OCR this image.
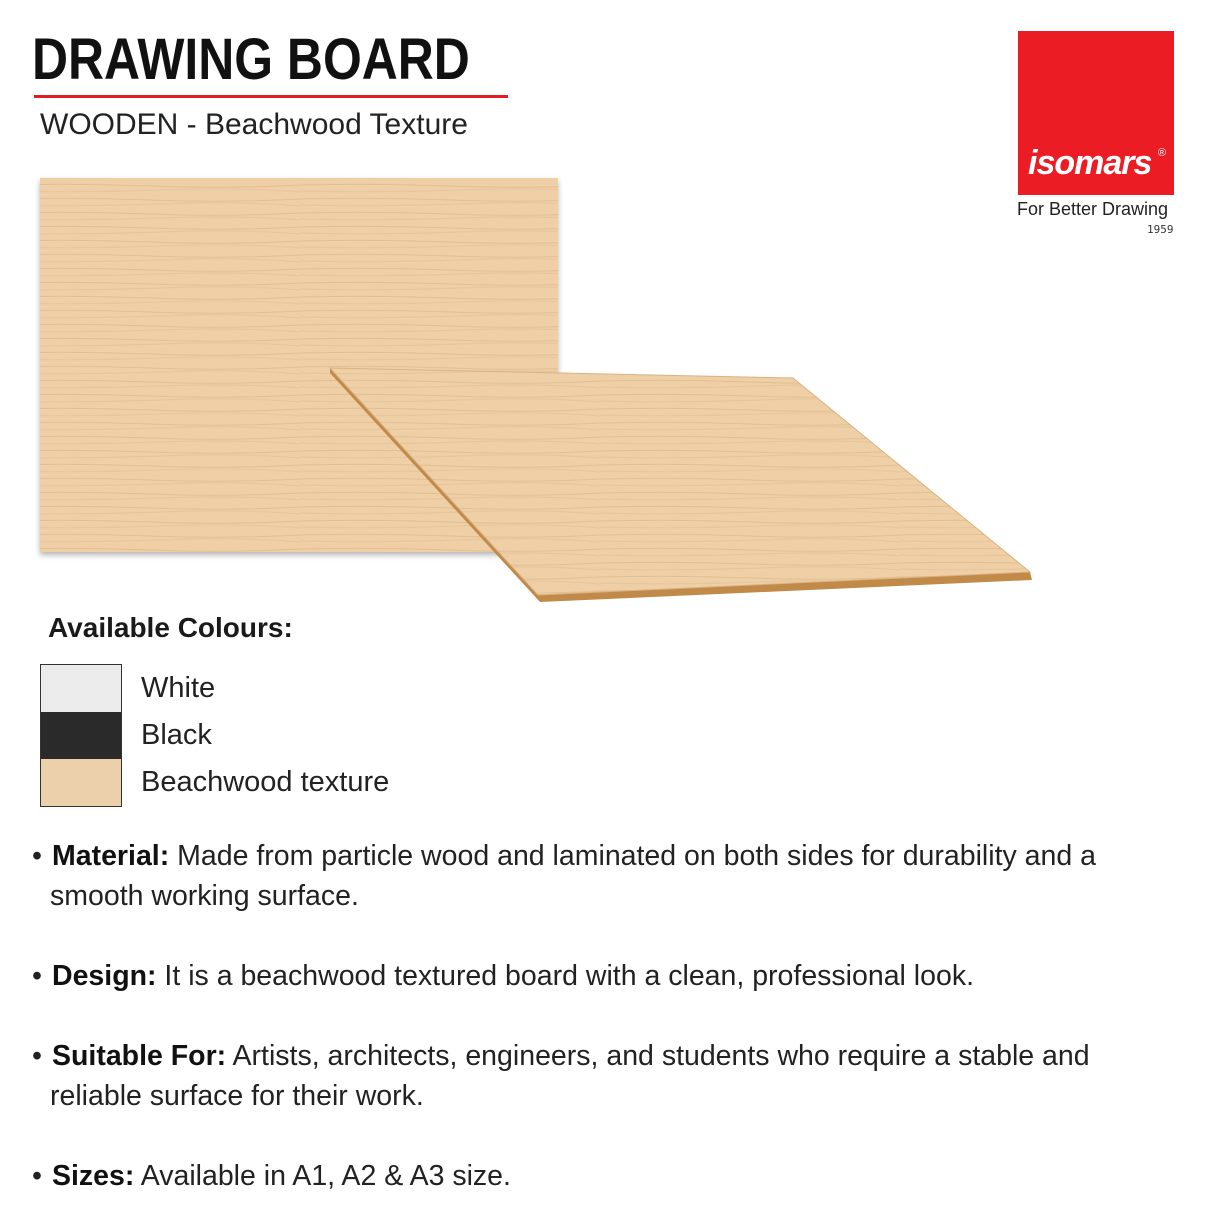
DRAWING BOARD
WOODEN - Beachwood Texture
isomars ®
For Better Drawing
1959
Available Colours:
White
Black
Beachwood texture
• Material: Made from particle wood and laminated on both sides for durability and a
smooth working surface.
• Design: It is a beachwood textured board with a clean, professional look.
• Suitable For: Artists, architects, engineers, and students who require a stable and
reliable surface for their work.
• Sizes: Available in A1, A2 & A3 size.
